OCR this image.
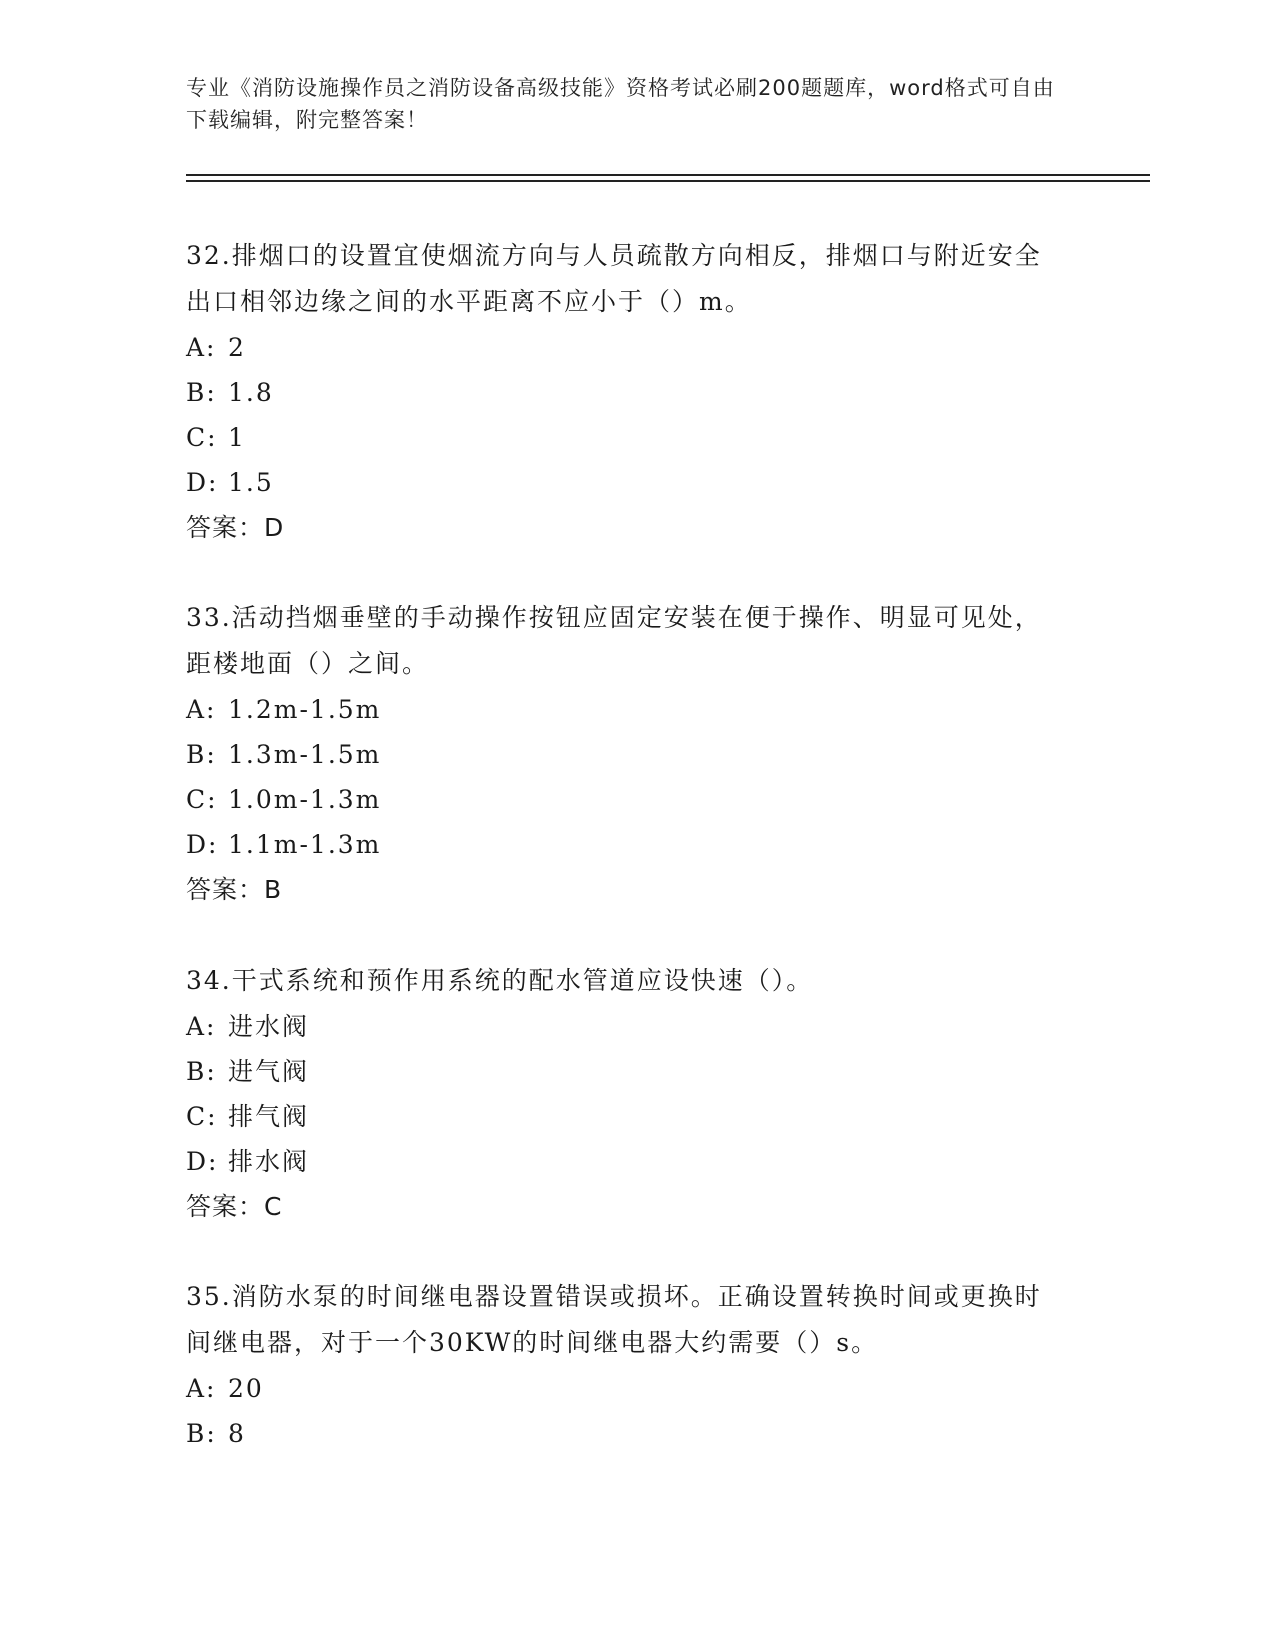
专业《消防设施操作员之消防设备高级技能》资格考试必刷200题题库，word格式可自由下载编辑，附完整答案！

32.排烟口的设置宜使烟流方向与人员疏散方向相反，排烟口与附近安全出口相邻边缘之间的水平距离不应小于（）m。

A: 2
B: 1.8
C: 1
D: 1.5
答案：D

33.活动挡烟垂壁的手动操作按钮应固定安装在便于操作、明显可见处，距楼地面（）之间。

A: 1.2m-1.5m
B: 1.3m-1.5m
C: 1.0m-1.3m
D: 1.1m-1.3m
答案：B

34.干式系统和预作用系统的配水管道应设快速（）。

A: 进水阀
B: 进气阀
C: 排气阀
D: 排水阀
答案：C

35.消防水泵的时间继电器设置错误或损坏。正确设置转换时间或更换时间继电器，对于一个30KW的时间继电器大约需要（）s。

A: 20
B: 8
